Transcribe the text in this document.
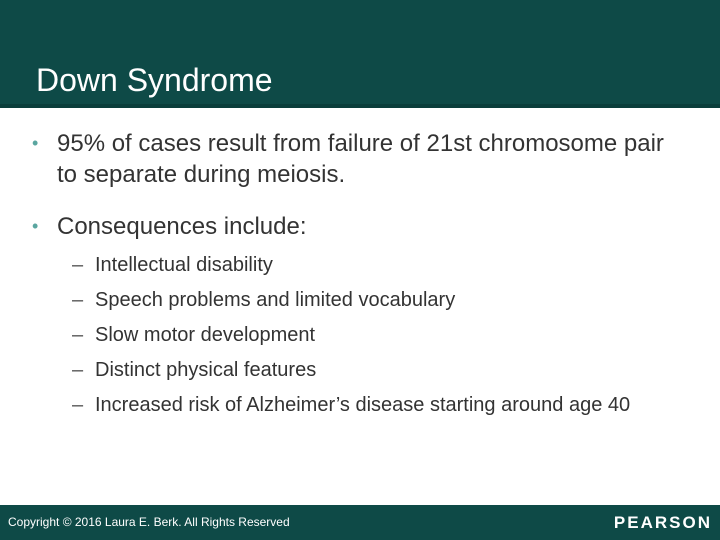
Down Syndrome
• 95% of cases result from failure of 21st chromosome pair to separate during meiosis.
• Consequences include:
– Intellectual disability
– Speech problems and limited vocabulary
– Slow motor development
– Distinct physical features
– Increased risk of Alzheimer’s disease starting around age 40
Copyright © 2016 Laura E. Berk. All Rights Reserved	PEARSON
